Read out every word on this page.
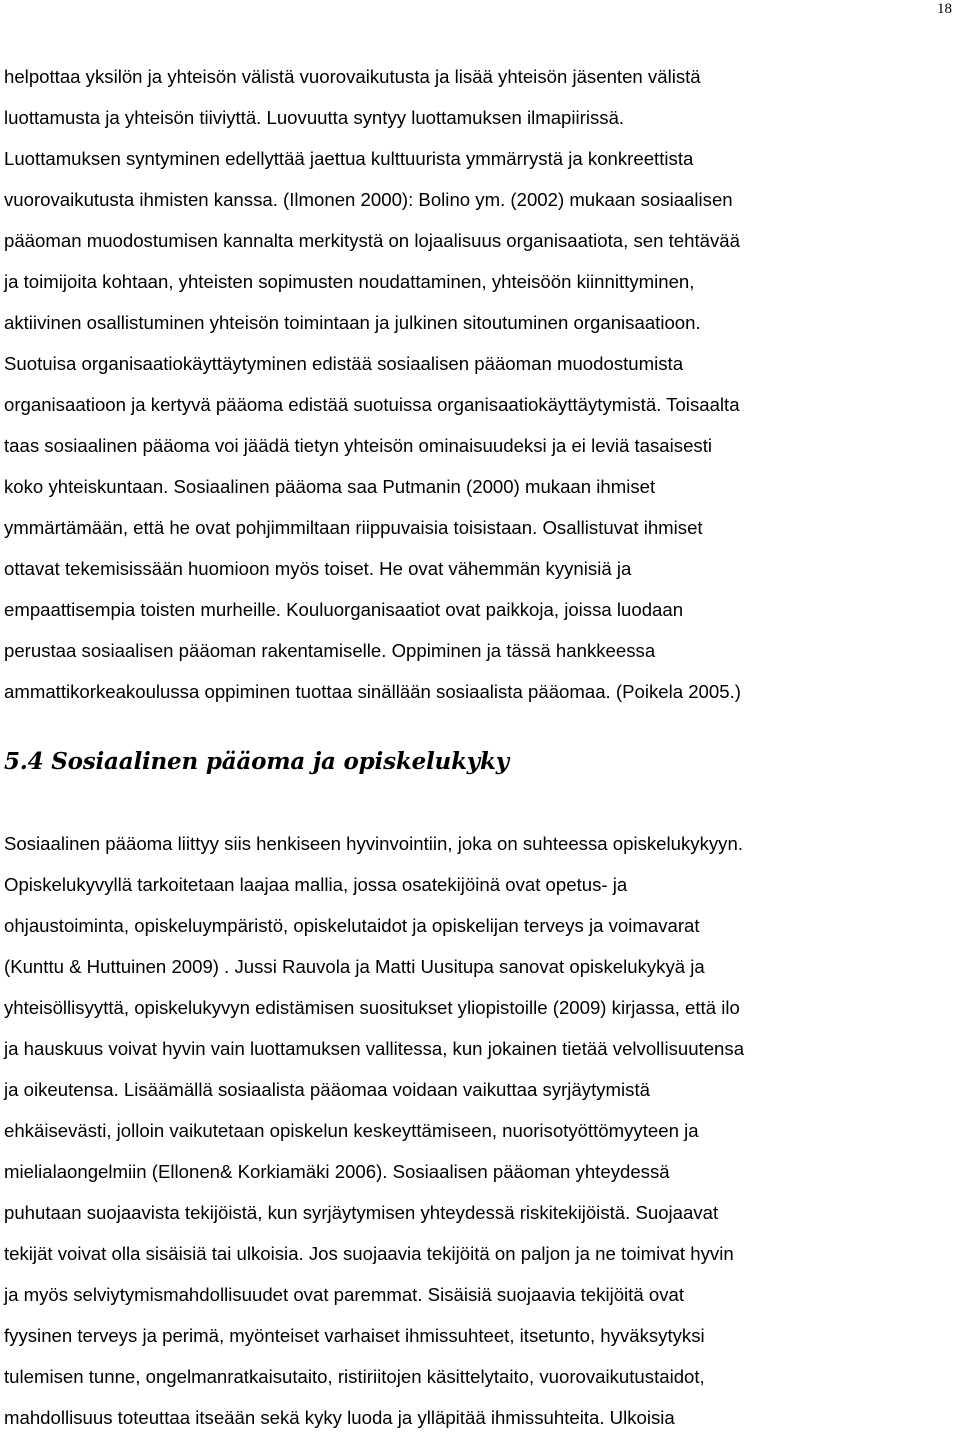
18

helpottaa yksilön ja yhteisön välistä vuorovaikutusta ja lisää yhteisön jäsenten välistä
luottamusta ja yhteisön tiiviyttä. Luovuutta syntyy luottamuksen ilmapiirissä.
Luottamuksen syntyminen edellyttää jaettua kulttuurista ymmärrystä ja konkreettista
vuorovaikutusta ihmisten kanssa. (Ilmonen 2000): Bolino ym. (2002) mukaan sosiaalisen
pääoman muodostumisen kannalta merkitystä on lojaalisuus organisaatiota, sen tehtävää
ja toimijoita kohtaan, yhteisten sopimusten noudattaminen, yhteisöön kiinnittyminen,
aktiivinen osallistuminen yhteisön toimintaan ja julkinen sitoutuminen organisaatioon.
Suotuisa organisaatiokäyttäytyminen edistää sosiaalisen pääoman muodostumista
organisaatioon ja kertyvä pääoma edistää suotuissa organisaatiokäyttäytymistä. Toisaalta
taas sosiaalinen pääoma voi jäädä tietyn yhteisön ominaisuudeksi ja ei leviä tasaisesti
koko yhteiskuntaan. Sosiaalinen pääoma saa Putmanin (2000) mukaan ihmiset
ymmärtämään, että he ovat pohjimmiltaan riippuvaisia toisistaan. Osallistuvat ihmiset
ottavat tekemisissään huomioon myös toiset. He ovat vähemmän kyynisiä ja
empaattisempia toisten murheille. Kouluorganisaatiot ovat paikkoja, joissa luodaan
perustaa sosiaalisen pääoman rakentamiselle. Oppiminen ja tässä hankkeessa
ammattikorkeakoulussa oppiminen tuottaa sinällään sosiaalista pääomaa. (Poikela 2005.)

5.4 Sosiaalinen pääoma ja opiskelukyky

Sosiaalinen pääoma liittyy siis henkiseen hyvinvointiin, joka on suhteessa opiskelukykyyn.
Opiskelukyvyllä tarkoitetaan laajaa mallia, jossa osatekijöinä ovat opetus- ja
ohjaustoiminta, opiskeluympäristö, opiskelutaidot ja opiskelijan terveys ja voimavarat
(Kunttu & Huttuinen 2009) . Jussi Rauvola ja Matti Uusitupa sanovat opiskelukykyä ja
yhteisöllisyyttä, opiskelukyvyn edistämisen suositukset yliopistoille (2009) kirjassa, että ilo
ja hauskuus voivat hyvin vain luottamuksen vallitessa, kun jokainen tietää velvollisuutensa
ja oikeutensa. Lisäämällä sosiaalista pääomaa voidaan vaikuttaa syrjäytymistä
ehkäisevästi, jolloin vaikutetaan opiskelun keskeyttämiseen, nuorisotyöttömyyteen ja
mielialaongelmiin (Ellonen& Korkiamäki 2006). Sosiaalisen pääoman yhteydessä
puhutaan suojaavista tekijöistä, kun syrjäytymisen yhteydessä riskitekijöistä. Suojaavat
tekijät voivat olla sisäisiä tai ulkoisia. Jos suojaavia tekijöitä on paljon ja ne toimivat hyvin
ja myös selviytymismahdollisuudet ovat paremmat. Sisäisiä suojaavia tekijöitä ovat
fyysinen terveys ja perimä, myönteiset varhaiset ihmissuhteet, itsetunto, hyväksytyksi
tulemisen tunne, ongelmanratkaisutaito, ristiriitojen käsittelytaito, vuorovaikutustaidot,
mahdollisuus toteuttaa itseään sekä kyky luoda ja ylläpitää ihmissuhteita. Ulkoisia
